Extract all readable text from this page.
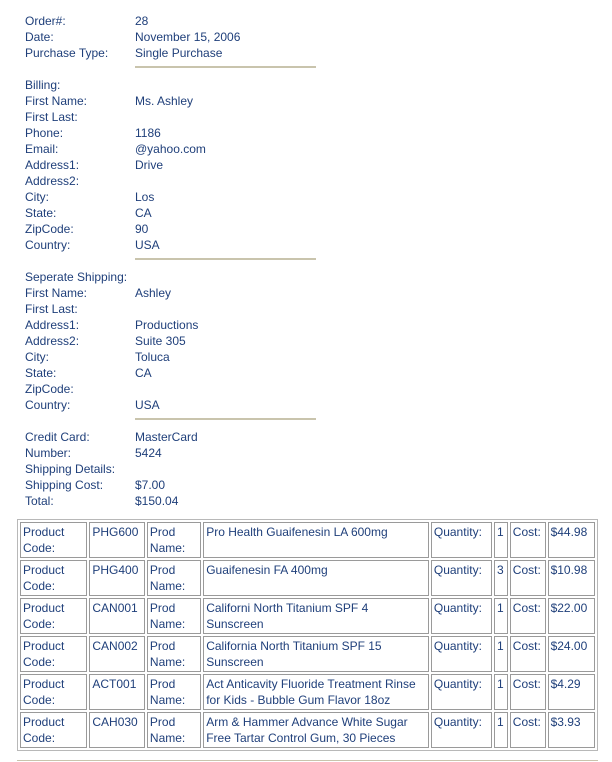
Order#:	28
Date:	November 15, 2006
Purchase Type: Single Purchase
Billing:
First Name:	Ms. Ashley
First Last:
Phone:	1186
Email:	@yahoo.com
Address1:	Drive
Address2:
City:	Los
State:	CA
ZipCode:	90
Country:	USA
Seperate Shipping:
First Name:	Ashley
First Last:
Address1:	Productions
Address2:	Suite 305
City:	Toluca
State:	CA
ZipCode:
Country:	USA
Credit Card:	MasterCard
Number:	5424
Shipping Details:
Shipping Cost:	$7.00
Total:	$150.04
Product Code:	PHG600	Prod Name:	Pro Health Guaifenesin LA 600mg	Quantity:	1	Cost:	$44.98
Product Code:	PHG400	Prod Name:	Guaifenesin FA 400mg	Quantity:	3	Cost:	$10.98
Product Code:	CAN001	Prod Name:	Californi North Titanium SPF 4 Sunscreen	Quantity:	1	Cost:	$22.00
Product Code:	CAN002	Prod Name:	California North Titanium SPF 15 Sunscreen	Quantity:	1	Cost:	$24.00
Product Code:	ACT001	Prod Name:	Act Anticavity Fluoride Treatment Rinse for Kids - Bubble Gum Flavor 18oz	Quantity:	1	Cost:	$4.29
Product Code:	CAH030	Prod Name:	Arm & Hammer Advance White Sugar Free Tartar Control Gum, 30 Pieces	Quantity:	1	Cost:	$3.93
